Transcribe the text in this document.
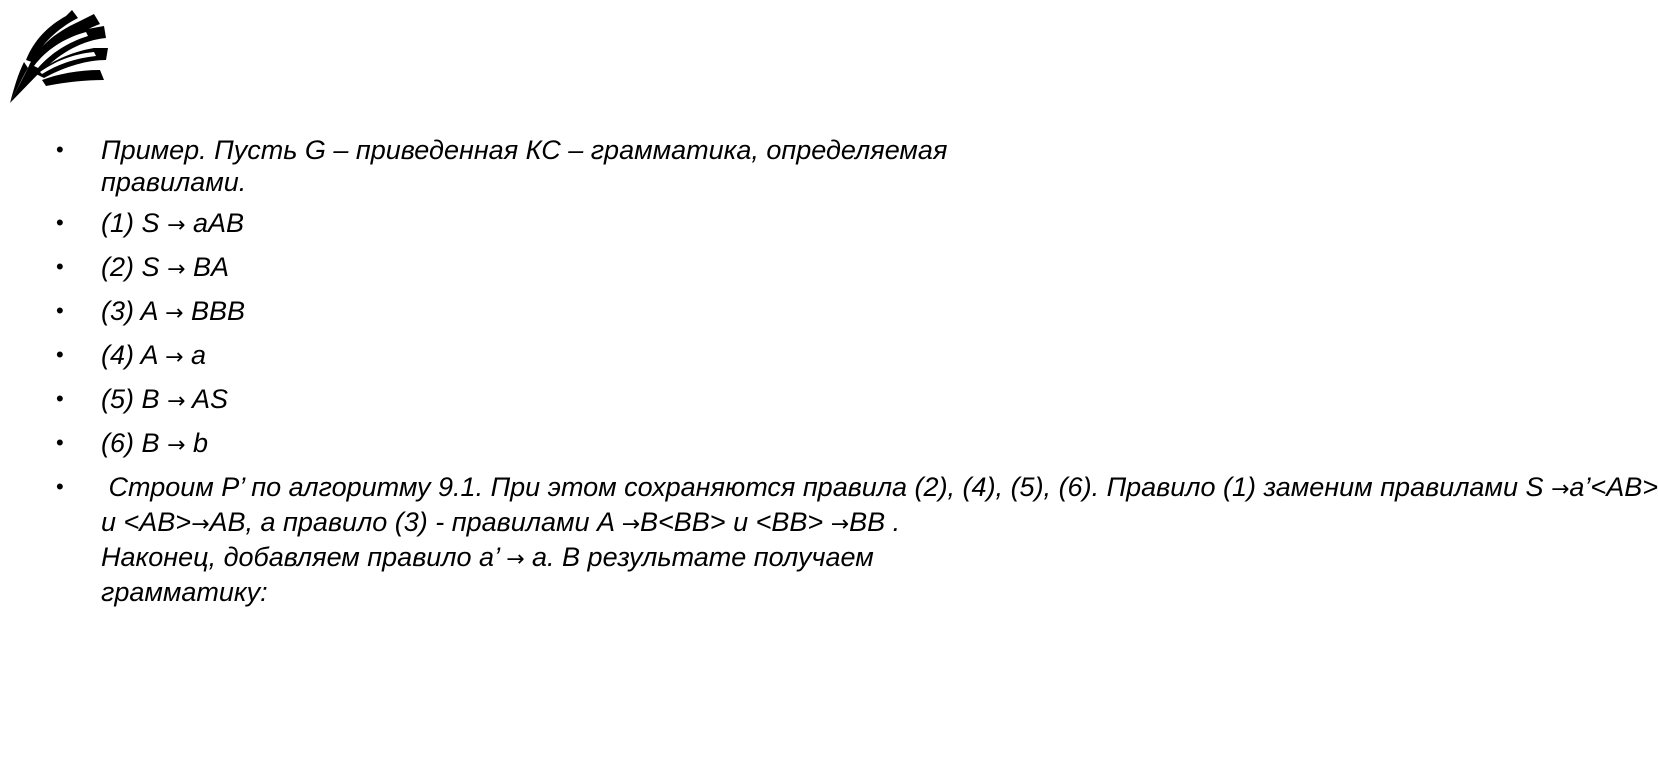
• Пример. Пусть G – приведенная КС – грамматика, определяемая правилами.
• (1) S → aAB
• (2) S → BA
• (3) A → BBB
• (4) A → a
• (5) B → AS
• (6) B → b
• Строим P’ по алгоритму 9.1. При этом сохраняются правила (2), (4), (5), (6). Правило (1) заменим правилами S →a’<AB> и <AB>→AB, а правило (3) - правилами A →B<BB> и <BB> →BB . Наконец, добавляем правило a’ → a. В результате получаем грамматику:
